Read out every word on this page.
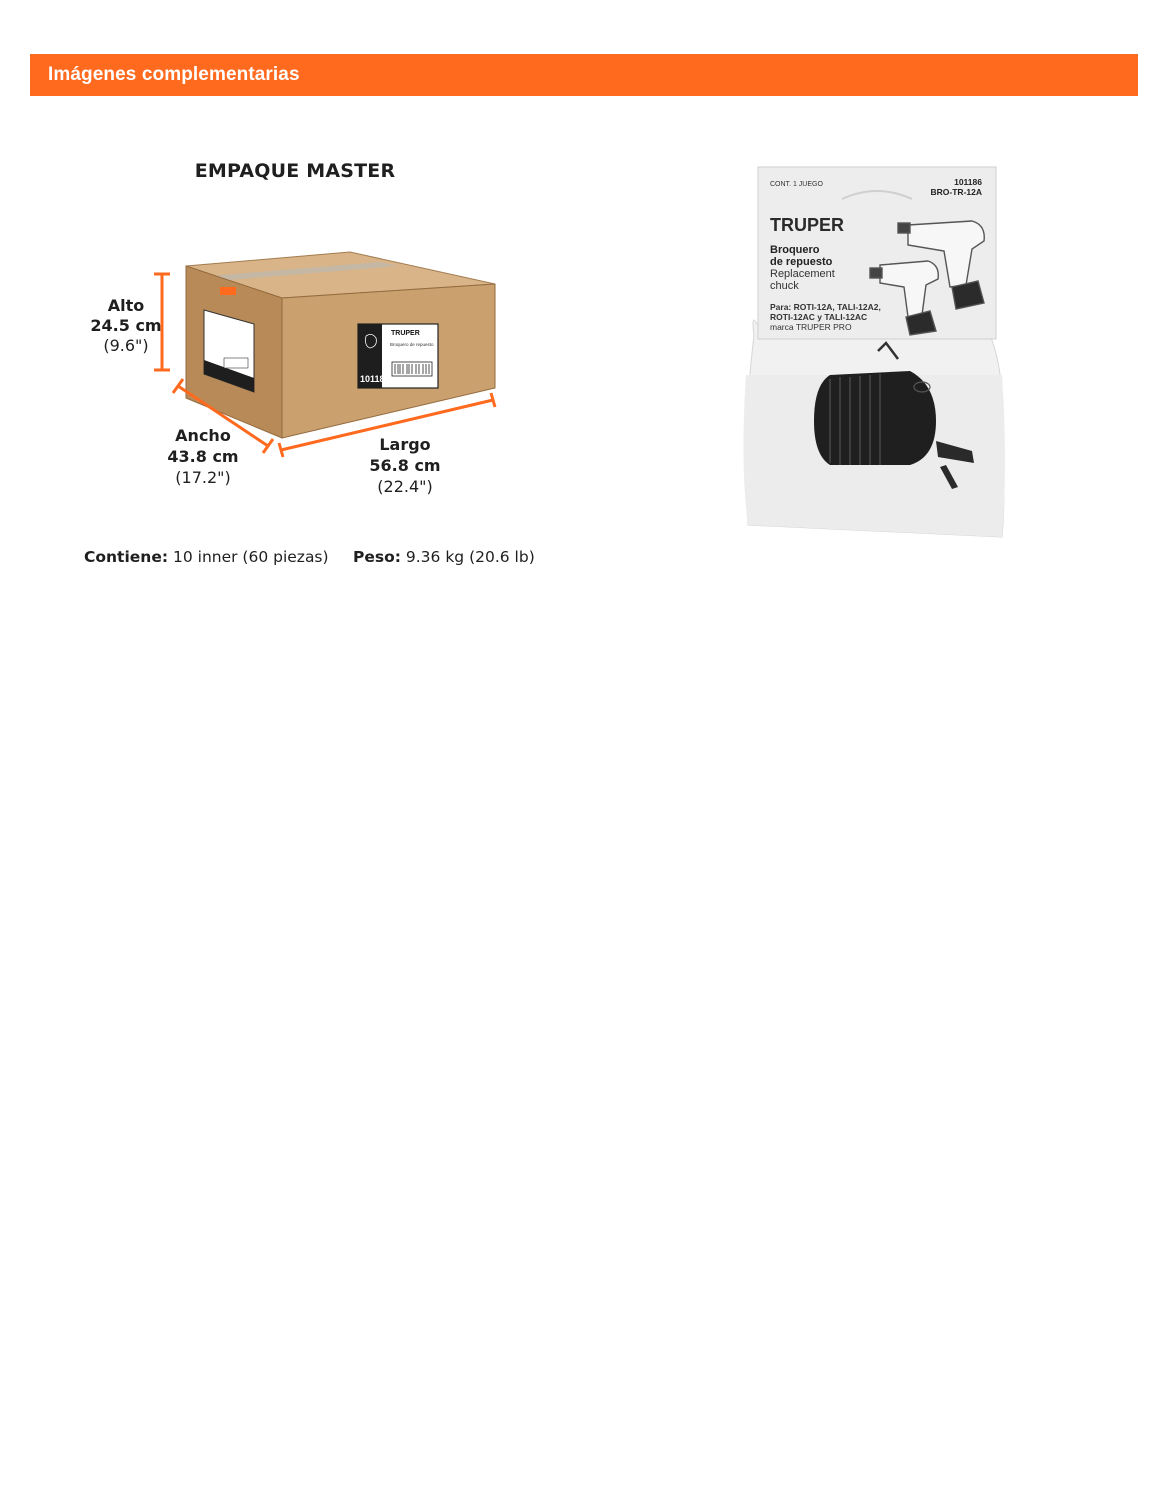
Imágenes complementarias
EMPAQUE MASTER
TRUPER
Broquero de repuesto
101186
Alto
24.5 cm
(9.6")
Ancho
43.8 cm
(17.2")
Largo
56.8 cm
(22.4")
Contiene: 10 inner (60 piezas) Peso: 9.36 kg (20.6 lb)
CONT. 1 JUEGO	101186
BRO-TR-12A
TRUPER
Broquero
de repuesto
Replacement
chuck
Para: ROTI-12A, TALI-12A2,
ROTI-12AC y TALI-12AC
marca TRUPER PRO
